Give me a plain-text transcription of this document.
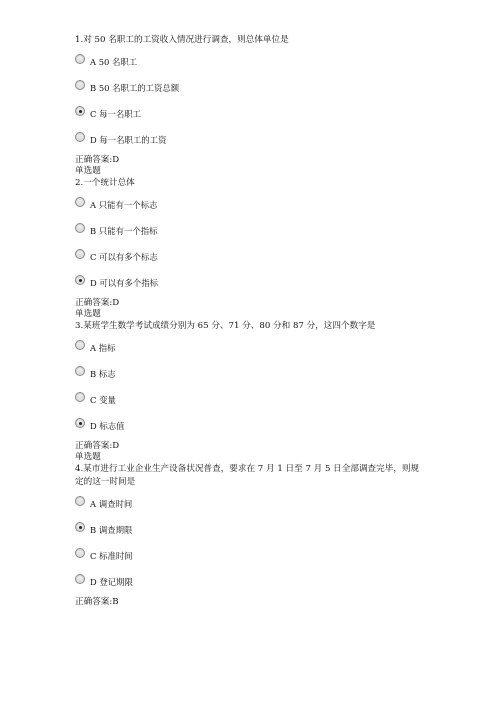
1.对 50 名职工的工资收入情况进行调查，则总体单位是

A 50 名职工
B 50 名职工的工资总额
C 每一名职工
D 每一名职工的工资

正确答案:D

单选题

2.一个统计总体

A 只能有一个标志
B 只能有一个指标
C 可以有多个标志
D 可以有多个指标

正确答案:D

单选题

3.某班学生数学考试成绩分别为 65 分、71 分、80 分和 87 分，这四个数字是

A 指标
B 标志
C 变量
D 标志值

正确答案:D

单选题

4.某市进行工业企业生产设备状况普查，要求在 7 月 1 日至 7 月 5 日全部调查完毕，则规定的这一时间是

A 调查时间
B 调查期限
C 标准时间
D 登记期限

正确答案:B
